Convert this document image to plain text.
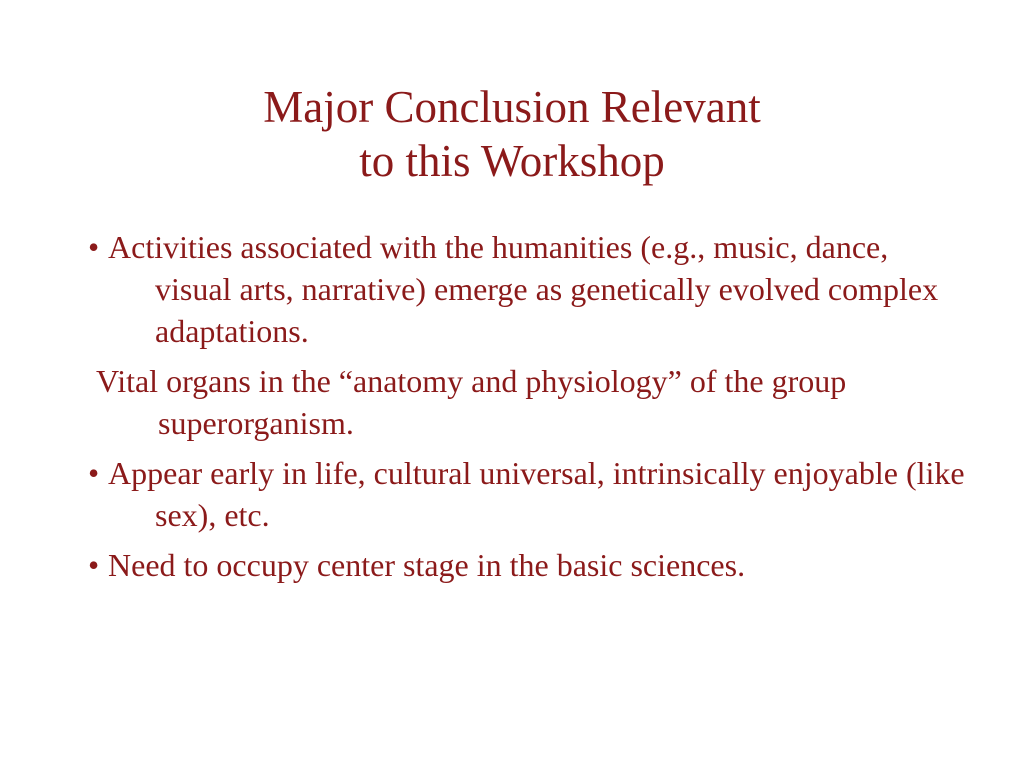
Major Conclusion Relevant
to this Workshop

• Activities associated with the humanities (e.g., music, dance, visual arts, narrative) emerge as genetically evolved complex adaptations.

Vital organs in the “anatomy and physiology” of the group superorganism.

• Appear early in life, cultural universal, intrinsically enjoyable (like sex), etc.

• Need to occupy center stage in the basic sciences.
